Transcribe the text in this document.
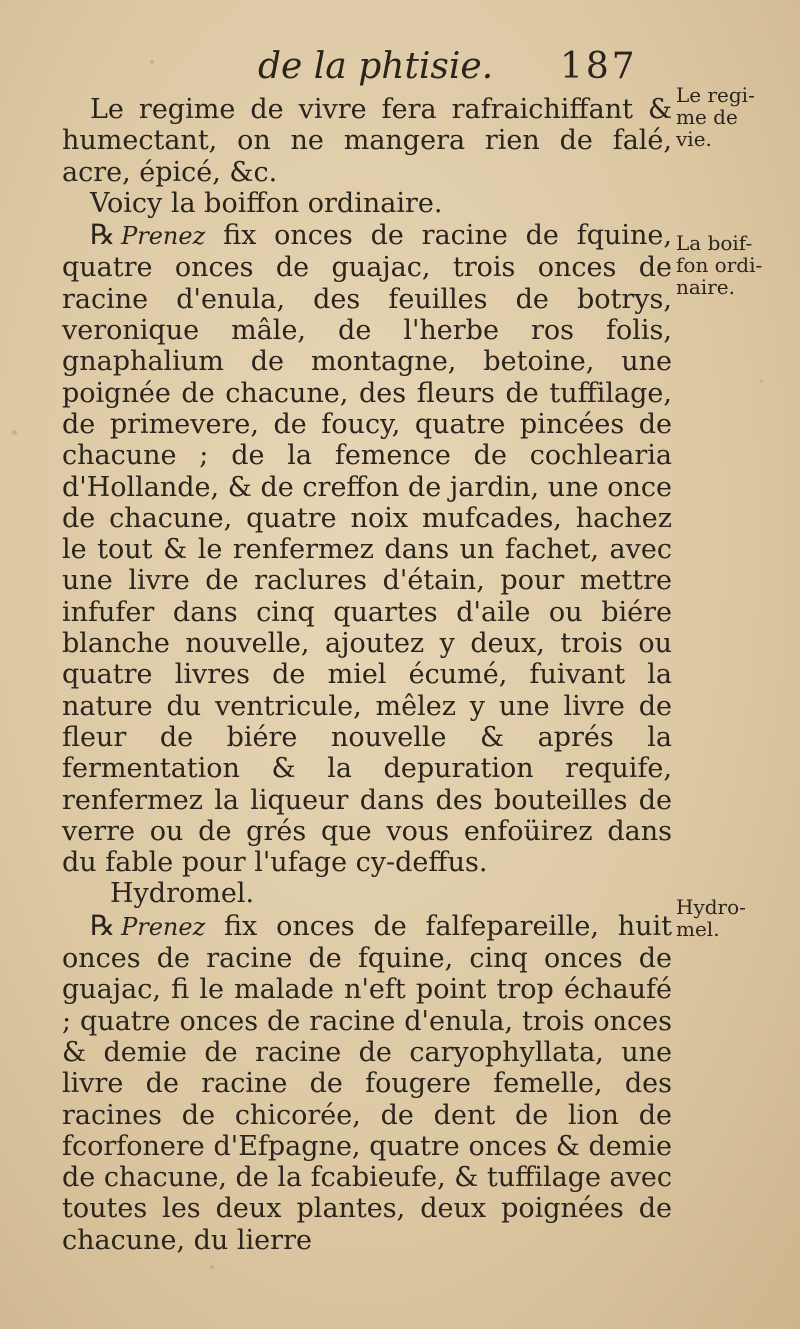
de la phtisie. 187
Le regi-
me de
vie.
La boif-
fon ordi-
naire.
Hydro-
mel.

Le regime de vivre fera rafraichiffant & humectant, on ne mangera rien de falé, acre, épicé, &c.

Voicy la boiffon ordinaire.

℞ Prenez fix onces de racine de fquine, quatre onces de guajac, trois onces de racine d'enula, des feuilles de botrys, veronique mâle, de l'herbe ros folis, gnaphalium de montagne, betoine, une poignée de chacune, des fleurs de tuffilage, de primevere, de foucy, quatre pincées de chacune ; de la femence de cochlearia d'Hollande, & de creffon de jardin, une once de chacune, quatre noix mufcades, hachez le tout & le renfermez dans un fachet, avec une livre de raclures d'étain, pour mettre infufer dans cinq quartes d'aile ou biére blanche nouvelle, ajoutez y deux, trois ou quatre livres de miel écumé, fuivant la nature du ventricule, mêlez y une livre de fleur de biére nouvelle & aprés la fermentation & la depuration requife, renfermez la liqueur dans des bouteilles de verre ou de grés que vous enfoüirez dans du fable pour l'ufage cy-deffus.

Hydromel.

℞ Prenez fix onces de falfepareille, huit onces de racine de fquine, cinq onces de guajac, fi le malade n'eft point trop échaufé ; quatre onces de racine d'enula, trois onces & demie de racine de caryophyllata, une livre de racine de fougere femelle, des racines de chicorée, de dent de lion de fcorfonere d'Efpagne, quatre onces & demie de chacune, de la fcabieufe, & tuffilage avec toutes les deux plantes, deux poignées de chacune, du lierre
